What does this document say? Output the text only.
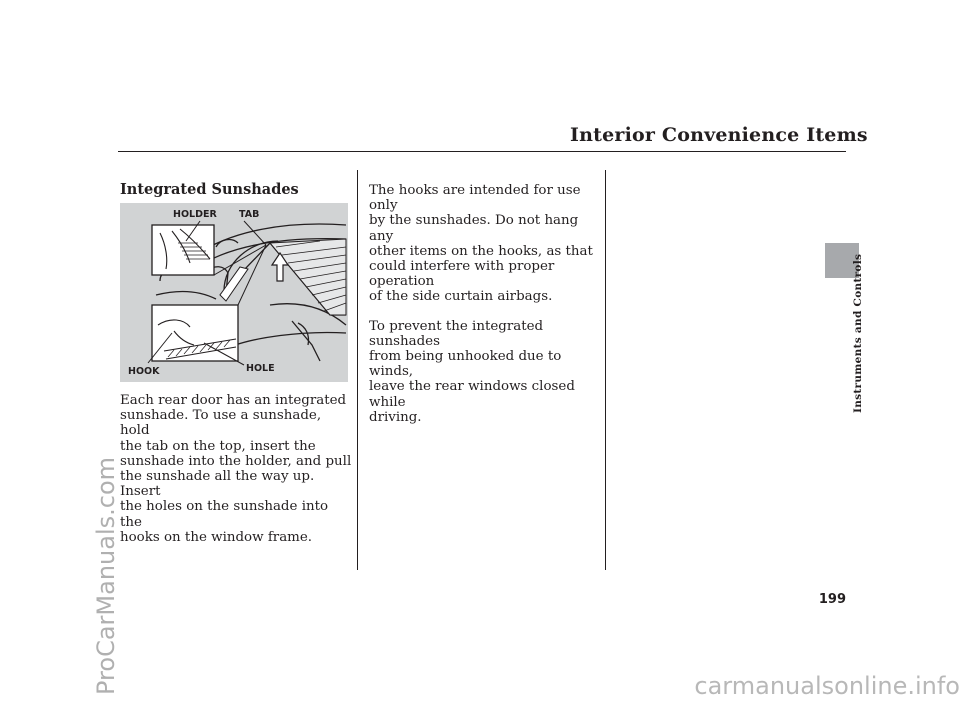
Interior Convenience Items
Integrated Sunshades
HOLDER TAB
HOOK	HOLE
Each rear door has an integrated
sunshade. To use a sunshade, hold
the tab on the top, insert the
sunshade into the holder, and pull
the sunshade all the way up. Insert
the holes on the sunshade into the
hooks on the window frame.
The hooks are intended for use only
by the sunshades. Do not hang any
other items on the hooks, as that
could interfere with proper operation
of the side curtain airbags.
To prevent the integrated sunshades
from being unhooked due to winds,
leave the rear windows closed while
driving.
Instruments and Controls
199
ProCarManuals.com	carmanualsonline.info
